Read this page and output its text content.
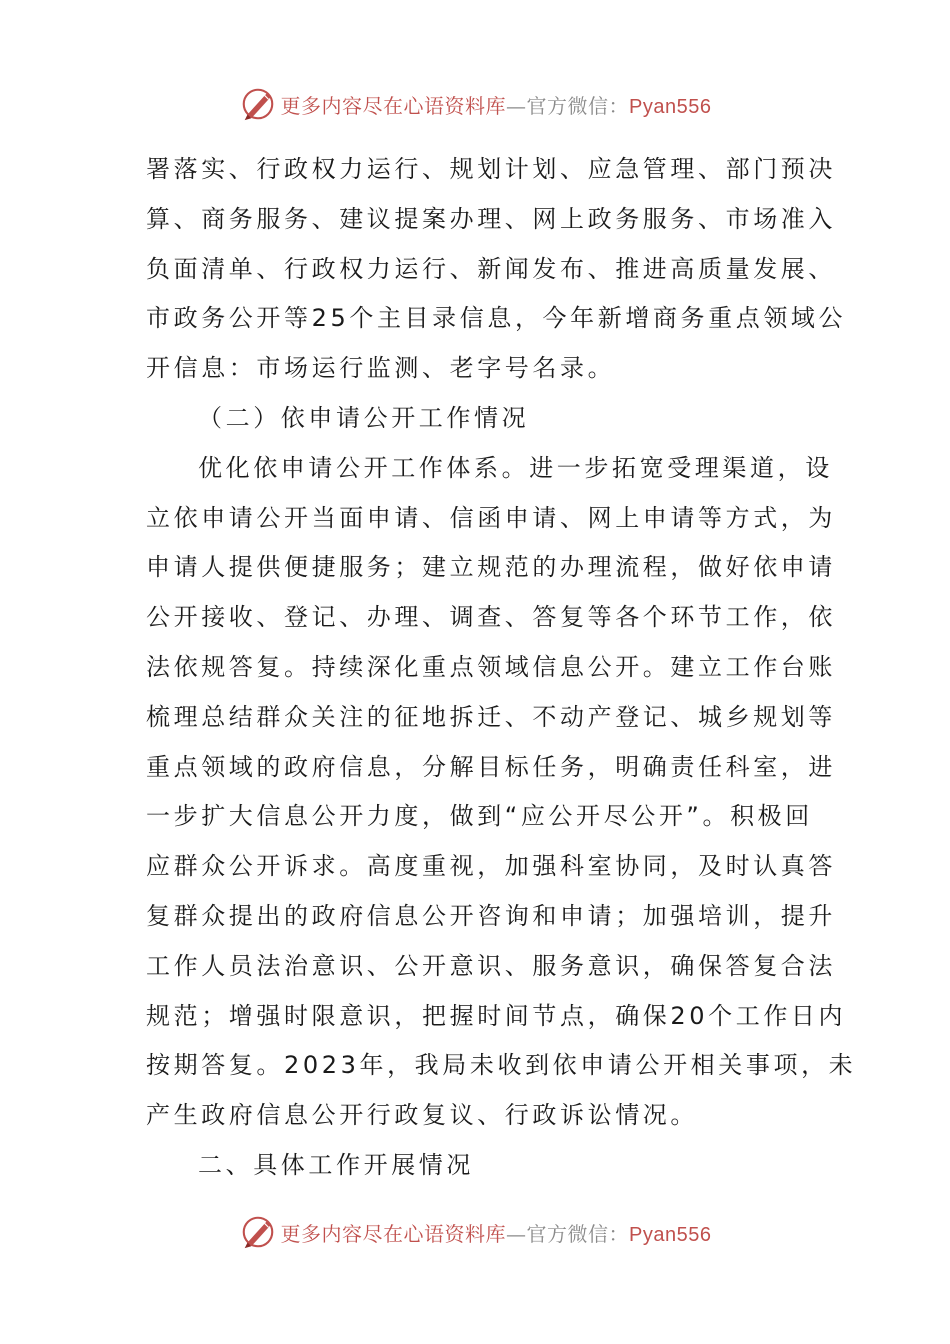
更多内容尽在心语资料库—官方微信：Pyan556

署落实、行政权力运行、规划计划、应急管理、部门预决
算、商务服务、建议提案办理、网上政务服务、市场准入
负面清单、行政权力运行、新闻发布、推进高质量发展、
市政务公开等25个主目录信息，今年新增商务重点领域公
开信息：市场运行监测、老字号名录。

（二）依申请公开工作情况

优化依申请公开工作体系。进一步拓宽受理渠道，设
立依申请公开当面申请、信函申请、网上申请等方式，为
申请人提供便捷服务；建立规范的办理流程，做好依申请
公开接收、登记、办理、调查、答复等各个环节工作，依
法依规答复。持续深化重点领域信息公开。建立工作台账
梳理总结群众关注的征地拆迁、不动产登记、城乡规划等
重点领域的政府信息，分解目标任务，明确责任科室，进
一步扩大信息公开力度，做到“应公开尽公开”。积极回
应群众公开诉求。高度重视，加强科室协同，及时认真答
复群众提出的政府信息公开咨询和申请；加强培训，提升
工作人员法治意识、公开意识、服务意识，确保答复合法
规范；增强时限意识，把握时间节点，确保20个工作日内
按期答复。2023年，我局未收到依申请公开相关事项，未
产生政府信息公开行政复议、行政诉讼情况。

二、具体工作开展情况

更多内容尽在心语资料库—官方微信：Pyan556
